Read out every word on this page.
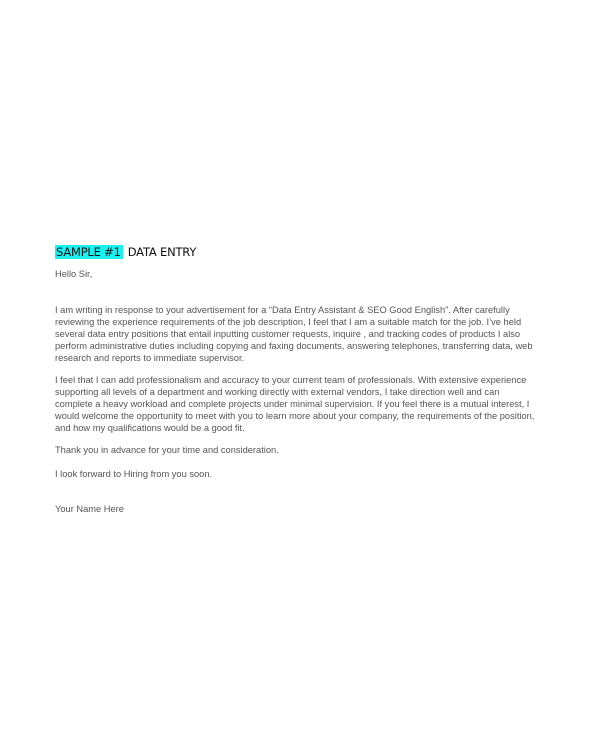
SAMPLE #1 DATA ENTRY
Hello Sir,
I am writing in response to your advertisement for a “Data Entry Assistant & SEO Good English”. After carefully
reviewing the experience requirements of the job description, I feel that I am a suitable match for the job. I’ve held
several data entry positions that entail inputting customer requests, inquire , and tracking codes of products I also
perform administrative duties including copying and faxing documents, answering telephones, transferring data, web
research and reports to immediate supervisor.
I feel that I can add professionalism and accuracy to your current team of professionals. With extensive experience
supporting all levels of a department and working directly with external vendors, I take direction well and can
complete a heavy workload and complete projects under minimal supervision. If you feel there is a mutual interest, I
would welcome the opportunity to meet with you to learn more about your company, the requirements of the position,
and how my qualifications would be a good fit.
Thank you in advance for your time and consideration.
I look forward to Hiring from you soon.
Your Name Here
